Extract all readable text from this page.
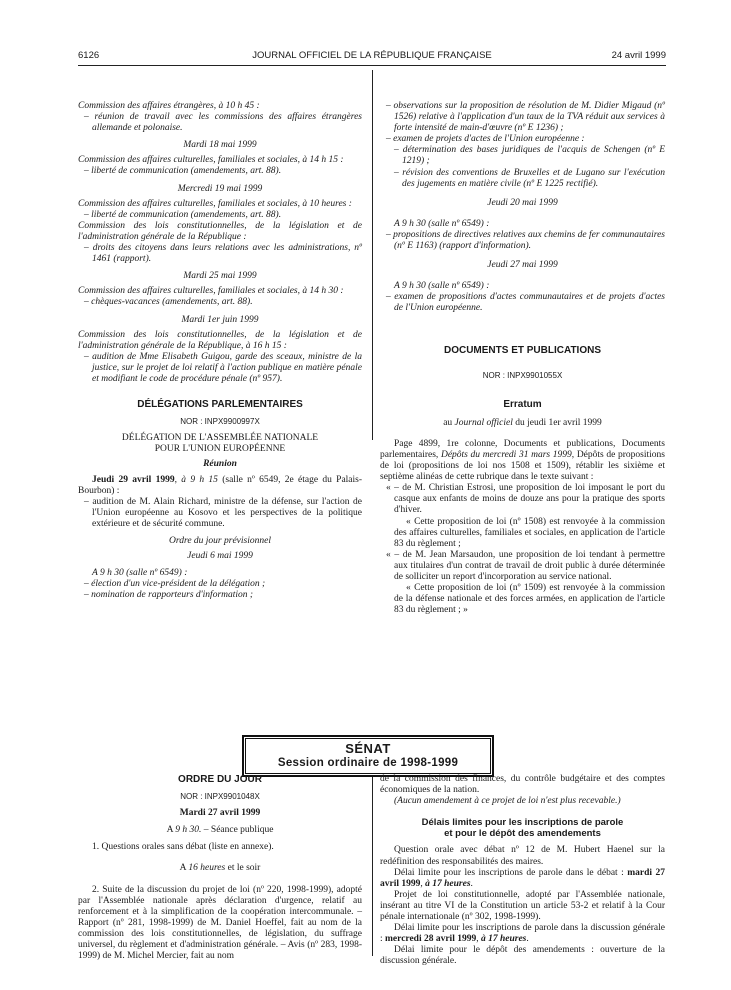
6126	JOURNAL OFFICIEL DE LA RÉPUBLIQUE FRANÇAISE	24 avril 1999

Commission des affaires étrangères, à 10 h 45 :

– réunion de travail avec les commissions des affaires étrangères allemande et polonaise.

Mardi 18 mai 1999

Commission des affaires culturelles, familiales et sociales, à 14 h 15 :

– liberté de communication (amendements, art. 88).

Mercredi 19 mai 1999

Commission des affaires culturelles, familiales et sociales, à 10 heures :

– liberté de communication (amendements, art. 88).

Commission des lois constitutionnelles, de la législation et de l'administration générale de la République :

– droits des citoyens dans leurs relations avec les administrations, nº 1461 (rapport).

Mardi 25 mai 1999

Commission des affaires culturelles, familiales et sociales, à 14 h 30 :

– chèques-vacances (amendements, art. 88).

Mardi 1er juin 1999

Commission des lois constitutionnelles, de la législation et de l'administration générale de la République, à 16 h 15 :

– audition de Mme Elisabeth Guigou, garde des sceaux, ministre de la justice, sur le projet de loi relatif à l'action publique en matière pénale et modifiant le code de procédure pénale (nº 957).

DÉLÉGATIONS PARLEMENTAIRES

NOR : INPX9900997X

DÉLÉGATION DE L'ASSEMBLÉE NATIONALE

POUR L'UNION EUROPÉENNE

Réunion

Jeudi 29 avril 1999, à 9 h 15 (salle nº 6549, 2e étage du Palais-Bourbon) :

– audition de M. Alain Richard, ministre de la défense, sur l'action de l'Union européenne au Kosovo et les perspectives de la politique extérieure et de sécurité commune.

Ordre du jour prévisionnel

Jeudi 6 mai 1999

A 9 h 30 (salle nº 6549) :

– élection d'un vice-président de la délégation ;

– nomination de rapporteurs d'information ;

– observations sur la proposition de résolution de M. Didier Migaud (nº 1526) relative à l'application d'un taux de la TVA réduit aux services à forte intensité de main-d'œuvre (nº E 1236) ;

– examen de projets d'actes de l'Union européenne :

– détermination des bases juridiques de l'acquis de Schengen (nº E 1219) ;

– révision des conventions de Bruxelles et de Lugano sur l'exécution des jugements en matière civile (nº E 1225 rectifié).

Jeudi 20 mai 1999

A 9 h 30 (salle nº 6549) :

– propositions de directives relatives aux chemins de fer communautaires (nº E 1163) (rapport d'information).

Jeudi 27 mai 1999

A 9 h 30 (salle nº 6549) :

– examen de propositions d'actes communautaires et de projets d'actes de l'Union européenne.

DOCUMENTS ET PUBLICATIONS

NOR : INPX9901055X

Erratum

au Journal officiel du jeudi 1er avril 1999

Page 4899, 1re colonne, Documents et publications, Documents parlementaires, Dépôts du mercredi 31 mars 1999, Dépôts de propositions de loi (propositions de loi nos 1508 et 1509), rétablir les sixième et septième alinéas de cette rubrique dans le texte suivant :

« – de M. Christian Estrosi, une proposition de loi imposant le port du casque aux enfants de moins de douze ans pour la pratique des sports d'hiver.

« Cette proposition de loi (nº 1508) est renvoyée à la commission des affaires culturelles, familiales et sociales, en application de l'article 83 du règlement ;

« – de M. Jean Marsaudon, une proposition de loi tendant à permettre aux titulaires d'un contrat de travail de droit public à durée déterminée de solliciter un report d'incorporation au service national.

« Cette proposition de loi (nº 1509) est renvoyée à la commission de la défense nationale et des forces armées, en application de l'article 83 du règlement ; »

SÉNAT
Session ordinaire de 1998-1999

ORDRE DU JOUR

NOR : INPX9901048X

Mardi 27 avril 1999

A 9 h 30. – Séance publique

1. Questions orales sans débat (liste en annexe).

A 16 heures et le soir

2. Suite de la discussion du projet de loi (nº 220, 1998-1999), adopté par l'Assemblée nationale après déclaration d'urgence, relatif au renforcement et à la simplification de la coopération intercommunale. – Rapport (nº 281, 1998-1999) de M. Daniel Hoeffel, fait au nom de la commission des lois constitutionnelles, de législation, du suffrage universel, du règlement et d'administration générale. – Avis (nº 283, 1998-1999) de M. Michel Mercier, fait au nom

de la commission des finances, du contrôle budgétaire et des comptes économiques de la nation.

(Aucun amendement à ce projet de loi n'est plus recevable.)

Délais limites pour les inscriptions de parole

et pour le dépôt des amendements

Question orale avec débat nº 12 de M. Hubert Haenel sur la redéfinition des responsabilités des maires.

Délai limite pour les inscriptions de parole dans le débat : mardi 27 avril 1999, à 17 heures.

Projet de loi constitutionnelle, adopté par l'Assemblée nationale, insérant au titre VI de la Constitution un article 53-2 et relatif à la Cour pénale internationale (nº 302, 1998-1999).

Délai limite pour les inscriptions de parole dans la discussion générale : mercredi 28 avril 1999, à 17 heures.

Délai limite pour le dépôt des amendements : ouverture de la discussion générale.
